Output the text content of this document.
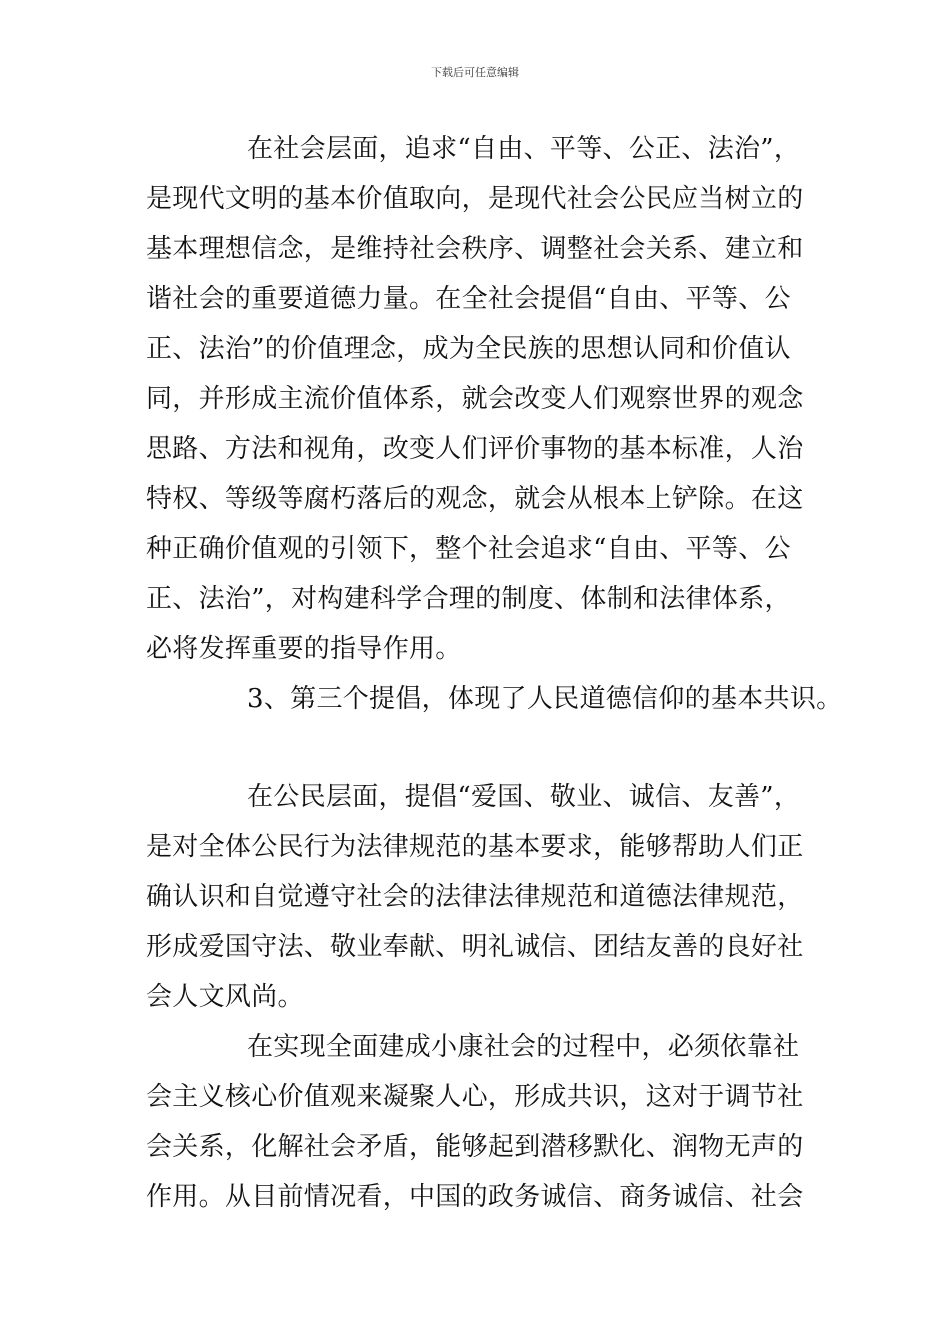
下载后可任意编辑
在社会层面，追求“自由、平等、公正、法治”，
是现代文明的基本价值取向，是现代社会公民应当树立的
基本理想信念，是维持社会秩序、调整社会关系、建立和
谐社会的重要道德力量。在全社会提倡“自由、平等、公
正、法治”的价值理念，成为全民族的思想认同和价值认
同，并形成主流价值体系，就会改变人们观察世界的观念
思路、方法和视角，改变人们评价事物的基本标准，人治
特权、等级等腐朽落后的观念，就会从根本上铲除。在这
种正确价值观的引领下，整个社会追求“自由、平等、公
正、法治”，对构建科学合理的制度、体制和法律体系，
必将发挥重要的指导作用。
3、第三个提倡，体现了人民道德信仰的基本共识。
在公民层面，提倡“爱国、敬业、诚信、友善”，
是对全体公民行为法律规范的基本要求，能够帮助人们正
确认识和自觉遵守社会的法律法律规范和道德法律规范，
形成爱国守法、敬业奉献、明礼诚信、团结友善的良好社
会人文风尚。
在实现全面建成小康社会的过程中，必须依靠社
会主义核心价值观来凝聚人心，形成共识，这对于调节社
会关系，化解社会矛盾，能够起到潜移默化、润物无声的
作用。从目前情况看，中国的政务诚信、商务诚信、社会
